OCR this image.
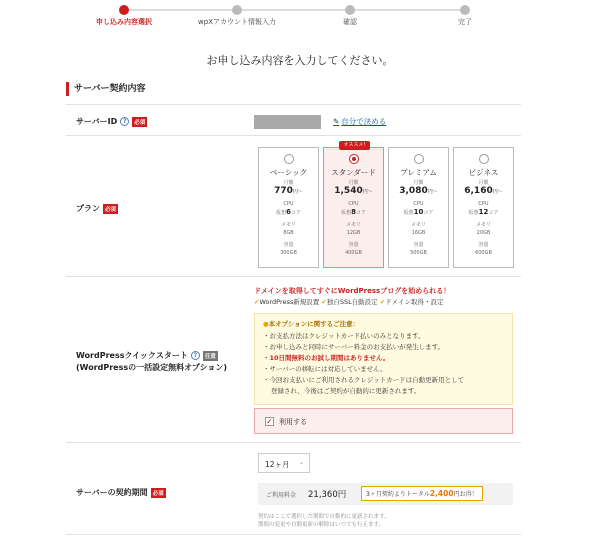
申し込み内容選択	wpXアカウント情報入力	確認	完了
お申し込み内容を入力してください。
サーバー契約内容
サーバーID ? 必須	✎ 自分で決める
プラン 必須
ベーシック
月額
770円〜
CPU
仮想6コア
メモリ
8GB
容量
300GB
オススメ!
スタンダード
月額
1,540円〜
CPU
仮想8コア
メモリ
12GB
容量
400GB
プレミアム
月額
3,080円〜
CPU
仮想10コア
メモリ
16GB
容量
500GB
ビジネス
月額
6,160円〜
CPU
仮想12コア
メモリ
20GB
容量
600GB
WordPressクイックスタート ? 任意
(WordPressの一括設定無料オプション)
ドメインを取得してすぐにWordPressブログを始められる！
✔WordPress新規設置 ✔独自SSL自動設定 ✔ドメイン取得・設定
●本オプションに関するご注意：
・ お支払方法はクレジットカード払いのみとなります。
・ お申し込みと同時にサーバー料金のお支払いが発生します。
・ 10日間無料のお試し期間はありません。
・ サーバーの移転には対応していません。
・ 今回お支払いにご利用されるクレジットカードは自動更新用として
登録され、今後はご契約が自動的に更新されます。
✓ 利用する
サーバーの契約期間 必須
12ヶ月 ⌄
ご利用料金 21,360円	3ヶ月契約よりトータル2,400円お得！
契約はここで選択した期間で自動的に更新されます。
期間の変更や自動更新の解除はいつでも行えます。
